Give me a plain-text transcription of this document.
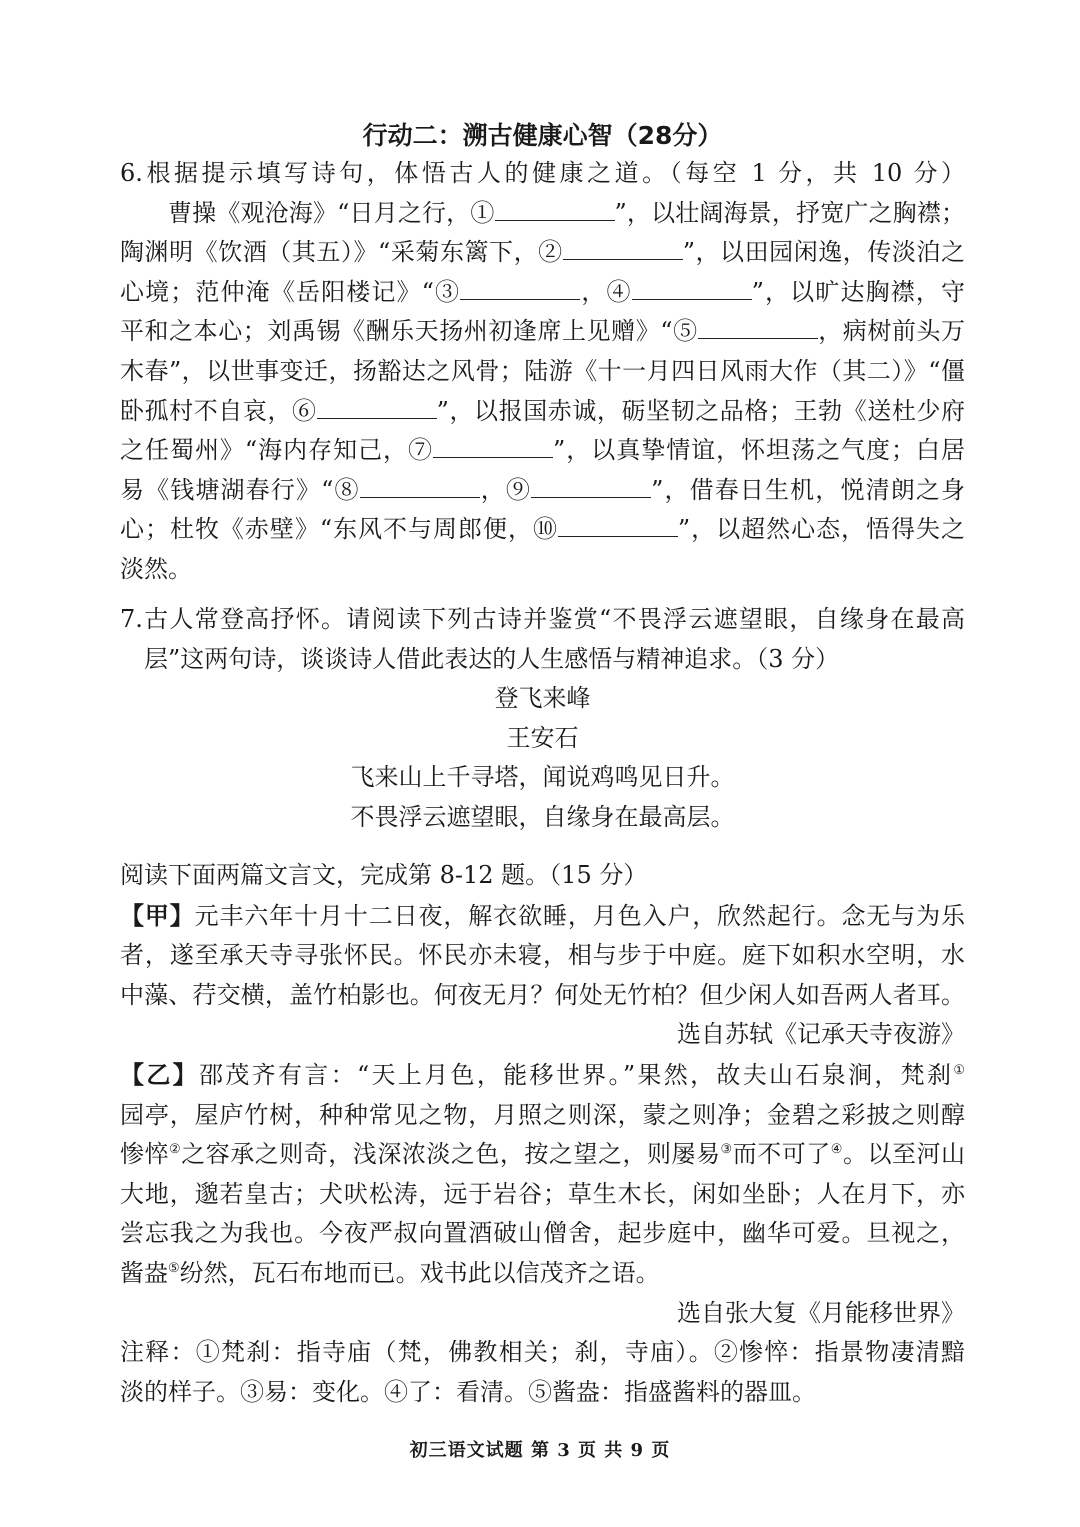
行动二：溯古健康心智（28分）

6.根据提示填写诗句，体悟古人的健康之道。（每空 1 分，共 10 分）

曹操《观沧海》“日月之行，①	”，以壮阔海景，抒宽广之胸襟；

陶渊明《饮酒（其五）》“采菊东篱下，②	”，以田园闲逸，传淡泊之

心境；范仲淹《岳阳楼记》“③	，④	”，以旷达胸襟，守

平和之本心；刘禹锡《酬乐天扬州初逢席上见赠》“⑤	，病树前头万

木春”，以世事变迁，扬豁达之风骨；陆游《十一月四日风雨大作（其二）》“僵

卧孤村不自哀，⑥	”，以报国赤诚，砺坚韧之品格；王勃《送杜少府

之任蜀州》“海内存知己，⑦	”，以真挚情谊，怀坦荡之气度；白居

易《钱塘湖春行》“⑧	，⑨	”，借春日生机，悦清朗之身

心；杜牧《赤壁》“东风不与周郎便，⑩	”，以超然心态，悟得失之

淡然。

7.古人常登高抒怀。请阅读下列古诗并鉴赏“不畏浮云遮望眼，自缘身在最高

层”这两句诗，谈谈诗人借此表达的人生感悟与精神追求。（3 分）

登飞来峰

王安石

飞来山上千寻塔，闻说鸡鸣见日升。

不畏浮云遮望眼，自缘身在最高层。

阅读下面两篇文言文，完成第 8-12 题。（15 分）

【甲】元丰六年十月十二日夜，解衣欲睡，月色入户，欣然起行。念无与为乐

者，遂至承天寺寻张怀民。怀民亦未寝，相与步于中庭。庭下如积水空明，水

中藻、荇交横，盖竹柏影也。何夜无月？何处无竹柏？但少闲人如吾两人者耳。

选自苏轼《记承天寺夜游》

【乙】邵茂齐有言：“天上月色，能移世界。”果然，故夫山石泉涧，梵刹①

园亭，屋庐竹树，种种常见之物，月照之则深，蒙之则净；金碧之彩披之则醇

惨悴②之容承之则奇，浅深浓淡之色，按之望之，则屡易③而不可了④。以至河山

大地，邈若皇古；犬吠松涛，远于岩谷；草生木长，闲如坐卧；人在月下，亦

尝忘我之为我也。今夜严叔向置酒破山僧舍，起步庭中，幽华可爱。旦视之，

酱盎⑤纷然，瓦石布地而已。戏书此以信茂齐之语。

选自张大复《月能移世界》

注释：①梵刹：指寺庙（梵，佛教相关；刹，寺庙）。②惨悴：指景物凄清黯

淡的样子。③易：变化。④了：看清。⑤酱盎：指盛酱料的器皿。

初三语文试题 第 3 页 共 9 页
